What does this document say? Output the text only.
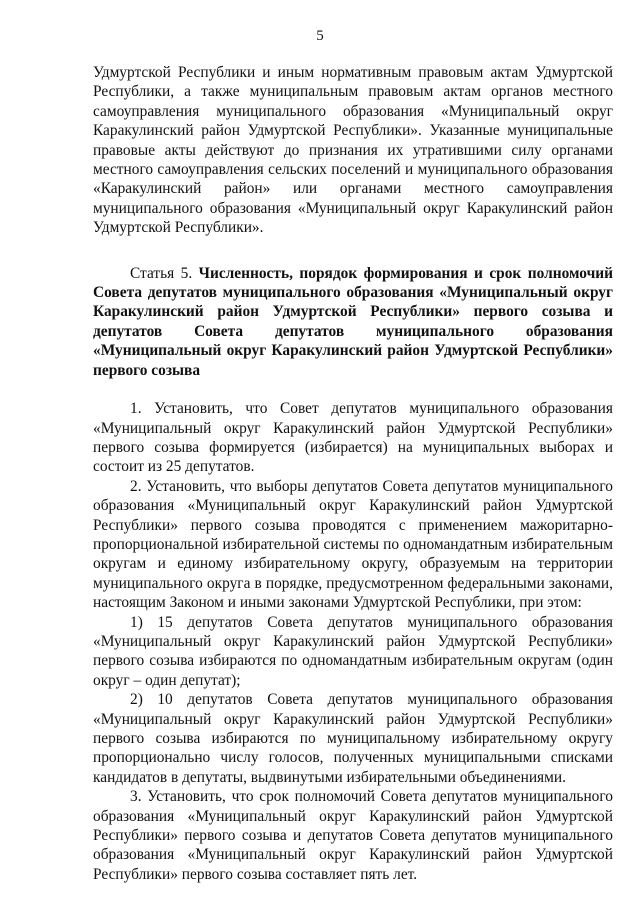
5

Удмуртской Республики и иным нормативным правовым актам Удмуртской Республики, а также муниципальным правовым актам органов местного самоуправления муниципального образования «Муниципальный округ Каракулинский район Удмуртской Республики». Указанные муниципальные правовые акты действуют до признания их утратившими силу органами местного самоуправления сельских поселений и муниципального образования «Каракулинский район» или органами местного самоуправления муниципального образования «Муниципальный округ Каракулинский район Удмуртской Республики».

Статья 5. Численность, порядок формирования и срок полномочий Совета депутатов муниципального образования «Муниципальный округ Каракулинский район Удмуртской Республики» первого созыва и депутатов Совета депутатов муниципального образования «Муниципальный округ Каракулинский район Удмуртской Республики» первого созыва

1. Установить, что Совет депутатов муниципального образования «Муниципальный округ Каракулинский район Удмуртской Республики» первого созыва формируется (избирается) на муниципальных выборах и состоит из 25 депутатов.

2. Установить, что выборы депутатов Совета депутатов муниципального образования «Муниципальный округ Каракулинский район Удмуртской Республики» первого созыва проводятся с применением мажоритарно-пропорциональной избирательной системы по одномандатным избирательным округам и единому избирательному округу, образуемым на территории муниципального округа в порядке, предусмотренном федеральными законами, настоящим Законом и иными законами Удмуртской Республики, при этом:

1) 15 депутатов Совета депутатов муниципального образования «Муниципальный округ Каракулинский район Удмуртской Республики» первого созыва избираются по одномандатным избирательным округам (один округ – один депутат);

2) 10 депутатов Совета депутатов муниципального образования «Муниципальный округ Каракулинский район Удмуртской Республики» первого созыва избираются по муниципальному избирательному округу пропорционально числу голосов, полученных муниципальными списками кандидатов в депутаты, выдвинутыми избирательными объединениями.

3. Установить, что срок полномочий Совета депутатов муниципального образования «Муниципальный округ Каракулинский район Удмуртской Республики» первого созыва и депутатов Совета депутатов муниципального образования «Муниципальный округ Каракулинский район Удмуртской Республики» первого созыва составляет пять лет.
